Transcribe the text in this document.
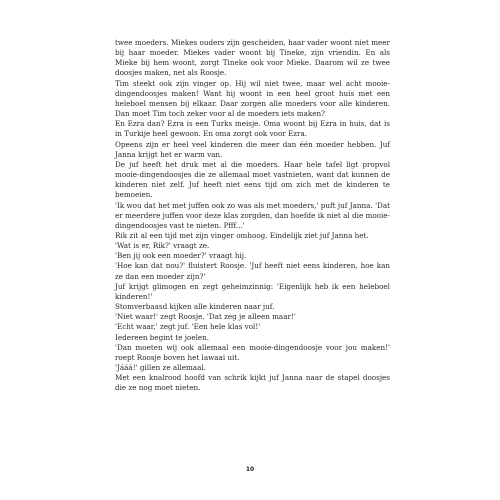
twee moeders. Miekes ouders zijn gescheiden, haar vader woont niet meer bij haar moeder. Miekes vader woont bij Tineke, zijn vriendin. En als Mieke bij hem woont, zorgt Tineke ook voor Mieke. Daarom wil ze twee doosjes maken, net als Roosje.

Tim steekt ook zijn vinger op. Hij wil niet twee, maar wel acht mooie-dingendoosjes maken! Want hij woont in een heel groot huis met een heleboel mensen bij elkaar. Daar zorgen alle moeders voor alle kinderen. Dan moet Tim toch zeker voor al de moeders iets maken?

En Ezra dan? Ezra is een Turks meisje. Oma woont bij Ezra in huis, dat is in Turkije heel gewoon. En oma zorgt ook voor Ezra.

Opeens zijn er heel veel kinderen die meer dan één moeder hebben. Juf Janna krijgt het er warm van.

De juf heeft het druk met al die moeders. Haar hele tafel ligt propvol mooie-dingendoosjes die ze allemaal moet vastnieten, want dat kunnen de kinderen niet zelf. Juf heeft niet eens tijd om zich met de kinderen te bemoeien.

'Ik wou dat het met juffen ook zo was als met moeders,' puft juf Janna. 'Dat er meerdere juffen voor deze klas zorgden, dan hoefde ik niet al die mooie-dingendoosjes vast te nieten. Pfff...'

Rik zit al een tijd met zijn vinger omhoog. Eindelijk ziet juf Janna het.

'Wat is er, Rik?' vraagt ze.

'Ben jij ook een moeder?' vraagt hij.

'Hoe kan dat nou?' fluistert Roosje. 'Juf heeft niet eens kinderen, hoe kan ze dan een moeder zijn?'

Juf krijgt glimogen en zegt geheimzinnig: 'Eigenlijk heb ik een heleboel kinderen!'

Stomverbaasd kijken alle kinderen naar juf.

'Niet waar!' zegt Roosje. 'Dat zeg je alleen maar!'

'Echt waar,' zegt juf. 'Een hele klas vol!'

Iedereen begint te joelen.

'Dan moeten wij ook allemaal een mooie-dingendoosje voor jou maken!' roept Roosje boven het lawaai uit.

'Jááá!' gillen ze allemaal.

Met een knalrood hoofd van schrik kijkt juf Janna naar de stapel doosjes die ze nog moet nieten.

10
